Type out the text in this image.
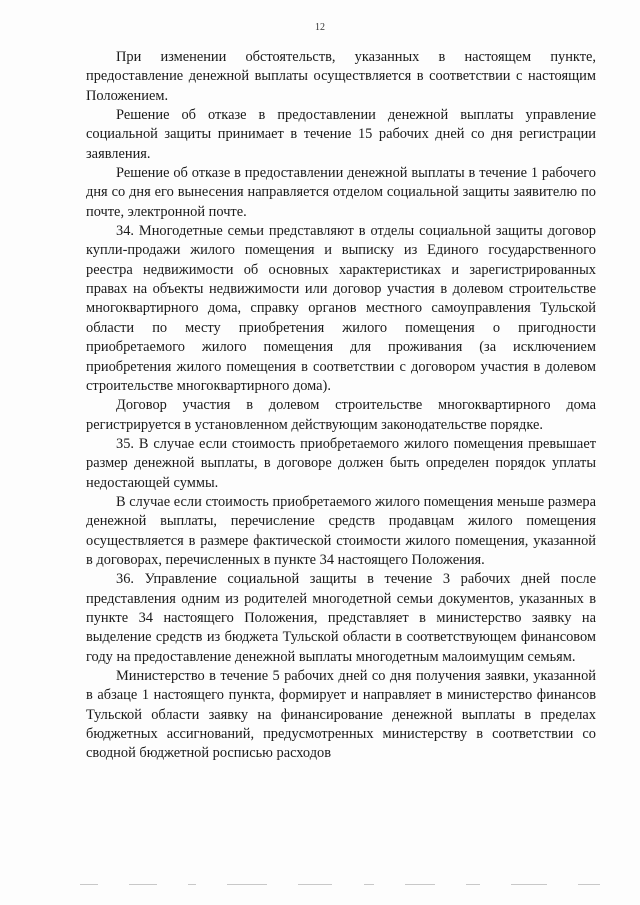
12

При изменении обстоятельств, указанных в настоящем пункте, предоставление денежной выплаты осуществляется в соответствии с настоящим Положением.

Решение об отказе в предоставлении денежной выплаты управление социальной защиты принимает в течение 15 рабочих дней со дня регистрации заявления.

Решение об отказе в предоставлении денежной выплаты в течение 1 рабочего дня со дня его вынесения направляется отделом социальной защиты заявителю по почте, электронной почте.

34. Многодетные семьи представляют в отделы социальной защиты договор купли-продажи жилого помещения и выписку из Единого государственного реестра недвижимости об основных характеристиках и зарегистрированных правах на объекты недвижимости или договор участия в долевом строительстве многоквартирного дома, справку органов местного самоуправления Тульской области по месту приобретения жилого помещения о пригодности приобретаемого жилого помещения для проживания (за исключением приобретения жилого помещения в соответствии с договором участия в долевом строительстве многоквартирного дома).

Договор участия в долевом строительстве многоквартирного дома регистрируется в установленном действующим законодательстве порядке.

35. В случае если стоимость приобретаемого жилого помещения превышает размер денежной выплаты, в договоре должен быть определен порядок уплаты недостающей суммы.

В случае если стоимость приобретаемого жилого помещения меньше размера денежной выплаты, перечисление средств продавцам жилого помещения осуществляется в размере фактической стоимости жилого помещения, указанной в договорах, перечисленных в пункте 34 настоящего Положения.

36. Управление социальной защиты в течение 3 рабочих дней после представления одним из родителей многодетной семьи документов, указанных в пункте 34 настоящего Положения, представляет в министерство заявку на выделение средств из бюджета Тульской области в соответствующем финансовом году на предоставление денежной выплаты многодетным малоимущим семьям.

Министерство в течение 5 рабочих дней со дня получения заявки, указанной в абзаце 1 настоящего пункта, формирует и направляет в министерство финансов Тульской области заявку на финансирование денежной выплаты в пределах бюджетных ассигнований, предусмотренных министерству в соответствии со сводной бюджетной росписью расходов
